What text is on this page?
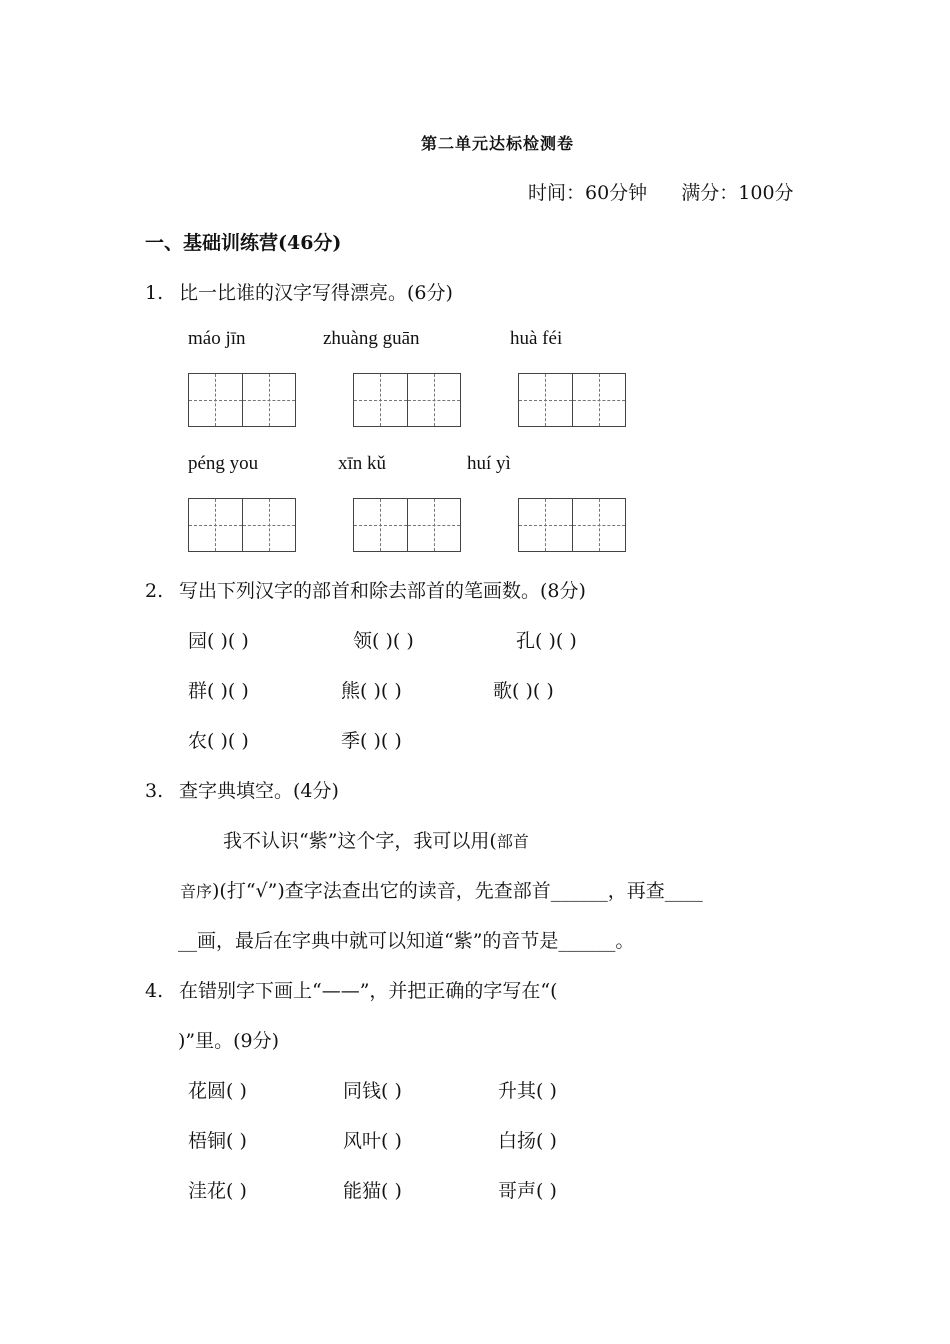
第二单元达标检测卷
时间：60分钟 满分：100分
一、基础训练营(46分)
1. 比一比谁的汉字写得漂亮。(6分)
máo jīn	zhuàng guān	huà féi
péng you	xīn kǔ	huí yì
2. 写出下列汉字的部首和除去部首的笔画数。(8分)
园( )( )	领( )( )	孔( )( )
群( )( )	熊( )( )	歌( )( )
农( )( )	季( )( )
3. 查字典填空。(4分)
我不认识“紫”这个字，我可以用(部首
音序)(打“√”)查字法查出它的读音，先查部首______，再查____
__画，最后在字典中就可以知道“紫”的音节是______。
4. 在错别字下画上“——”，并把正确的字写在“(
)”里。(9分)
花圆( )	同钱( )	升其( )
梧铜( )	风叶( )	白扬( )
洼花( )	能猫( )	哥声( )
